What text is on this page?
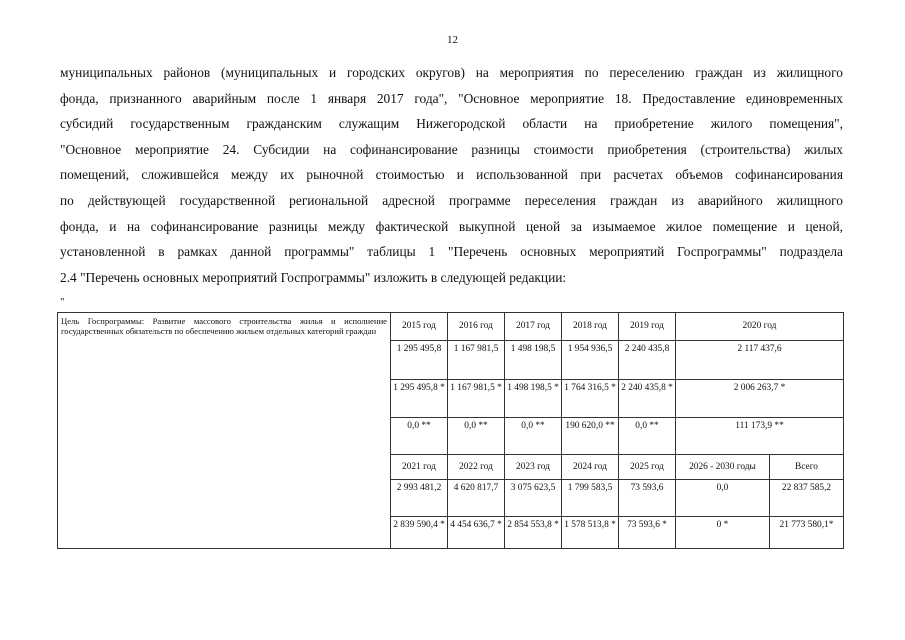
12

муниципальных районов (муниципальных и городских округов) на мероприятия по переселению граждан из жилищного
фонда, признанного аварийным после 1 января 2017 года", "Основное мероприятие 18. Предоставление единовременных
субсидий государственным гражданским служащим Нижегородской области на приобретение жилого помещения",
"Основное мероприятие 24. Субсидии на софинансирование разницы стоимости приобретения (строительства) жилых
помещений, сложившейся между их рыночной стоимостью и использованной при расчетах объемов софинансирования
по действующей государственной региональной адресной программе переселения граждан из аварийного жилищного
фонда, и на софинансирование разницы между фактической выкупной ценой за изымаемое жилое помещение и ценой,
установленной в рамках данной программы" таблицы 1 "Перечень основных мероприятий Госпрограммы" подраздела
2.4 "Перечень основных мероприятий Госпрограммы" изложить в следующей редакции:

"
Цель Госпрограммы: Развитие массового строительства жилья и исполнение государственных обязательств по обеспечению жильем отдельных категорий граждан	2015 год	2016 год	2017 год	2018 год	2019 год	2020 год	
	1 295 495,8	1 167 981,5	1 498 198,5	1 954 936,5	2 240 435,8	2 117 437,6	
	1 295 495,8 *	1 167 981,5 *	1 498 198,5 *	1 764 316,5 *	2 240 435,8 *	2 006 263,7 *	
	0,0 **	0,0 **	0,0 **	190 620,0 **	0,0 **	111 173,9 **	
	2021 год	2022 год	2023 год	2024 год	2025 год	2026 - 2030 годы	Всего
	2 993 481,2	4 620 817,7	3 075 623,5	1 799 583,5	73 593,6	0,0	22 837 585,2
	2 839 590,4 *	4 454 636,7 *	2 854 553,8 *	1 578 513,8 *	73 593,6 *	0 *	21 773 580,1*
